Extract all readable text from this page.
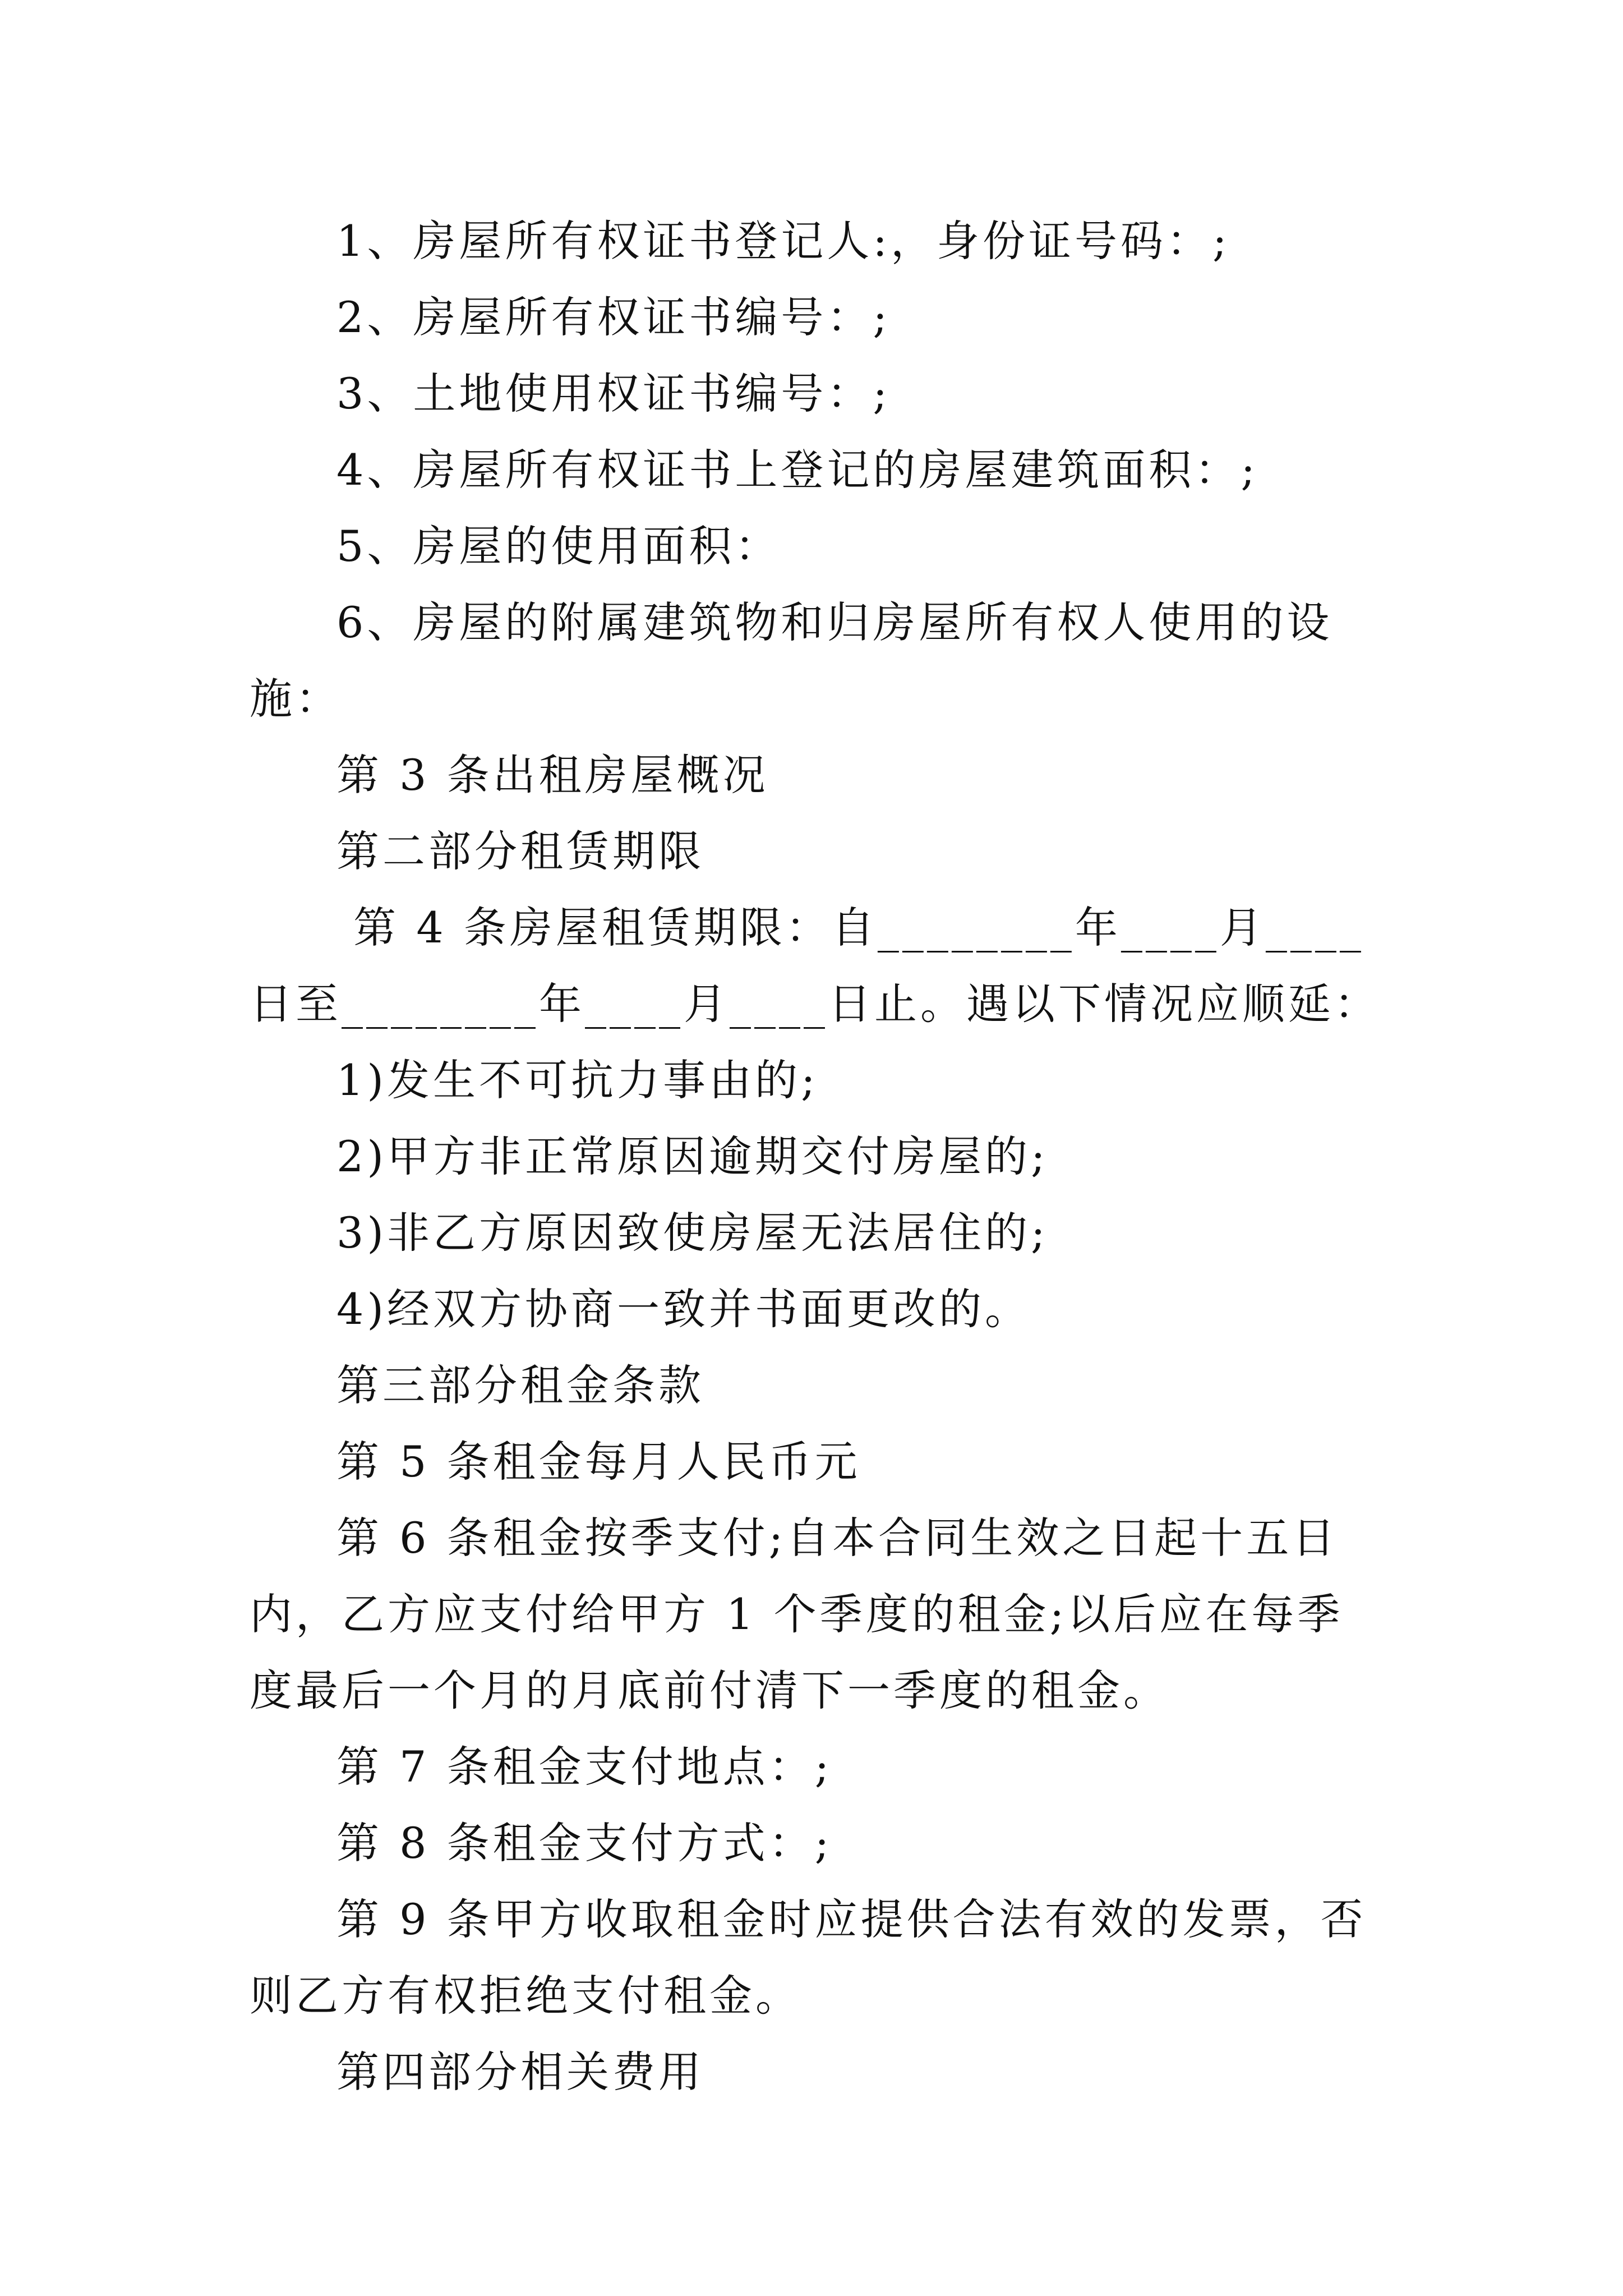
1、房屋所有权证书登记人:，身份证号码：;

2、房屋所有权证书编号：;

3、土地使用权证书编号：;

4、房屋所有权证书上登记的房屋建筑面积：;

5、房屋的使用面积：

6、房屋的附属建筑物和归房屋所有权人使用的设施：

第 3 条出租房屋概况

第二部分租赁期限

第 4 条房屋租赁期限：自________年____月____日至________年____月____日止。遇以下情况应顺延：

1)发生不可抗力事由的;

2)甲方非正常原因逾期交付房屋的;

3)非乙方原因致使房屋无法居住的;

4)经双方协商一致并书面更改的。

第三部分租金条款

第 5 条租金每月人民币元

第 6 条租金按季支付;自本合同生效之日起十五日内，乙方应支付给甲方 1 个季度的租金;以后应在每季度最后一个月的月底前付清下一季度的租金。

第 7 条租金支付地点：;

第 8 条租金支付方式：;

第 9 条甲方收取租金时应提供合法有效的发票，否则乙方有权拒绝支付租金。

第四部分相关费用
